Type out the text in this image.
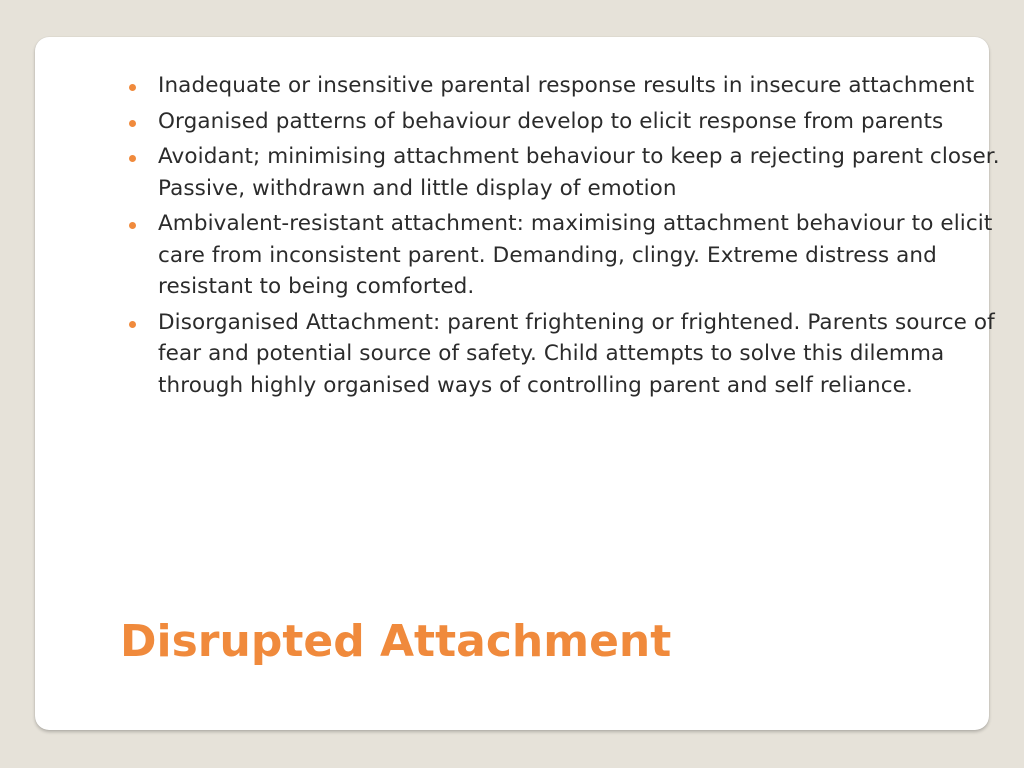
Inadequate or insensitive parental response results in insecure attachment
Organised patterns of behaviour develop to elicit response from parents
Avoidant; minimising attachment behaviour to keep a rejecting parent closer. Passive, withdrawn and little display of emotion
Ambivalent-resistant attachment: maximising attachment behaviour to elicit care from inconsistent parent. Demanding, clingy. Extreme distress and resistant to being comforted.
Disorganised Attachment: parent frightening or frightened. Parents source of fear and potential source of safety. Child attempts to solve this dilemma through highly organised ways of controlling parent and self reliance.
Disrupted Attachment
